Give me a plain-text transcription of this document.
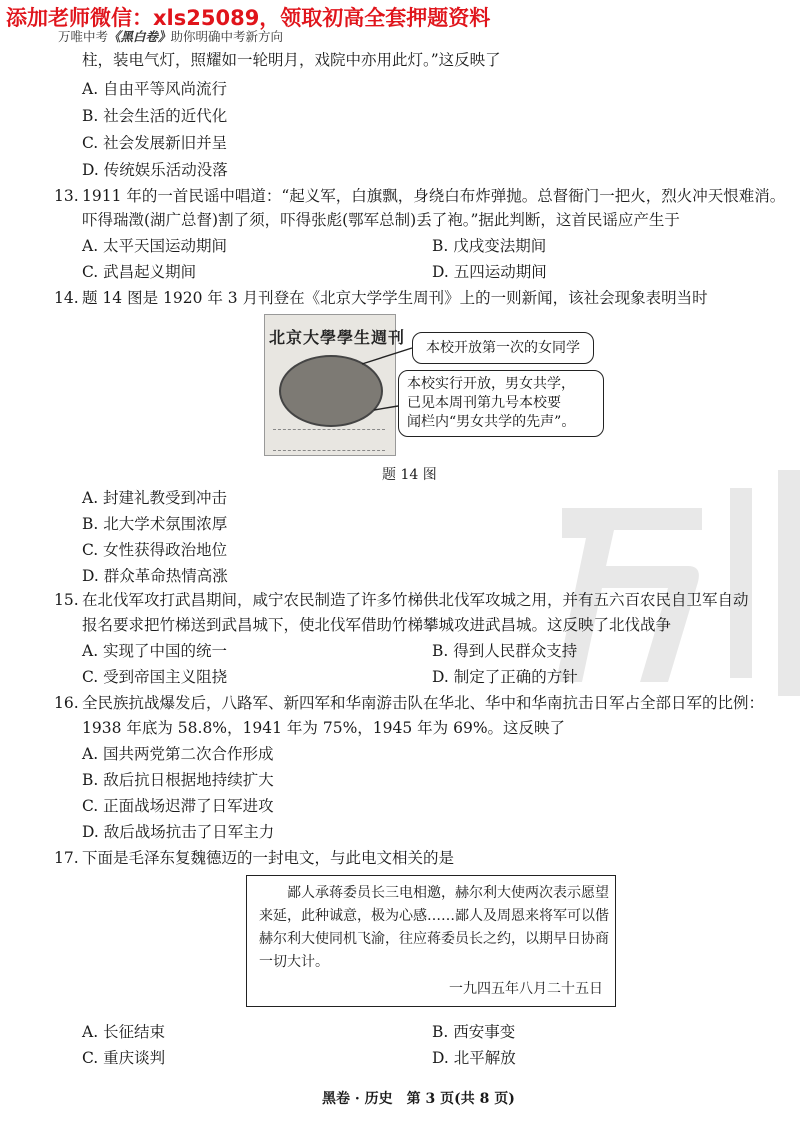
添加老师微信：xls25089，领取初高全套押题资料
万唯中考《黑白卷》助你明确中考新方向
柱，装电气灯，照耀如一轮明月，戏院中亦用此灯。”这反映了
A. 自由平等风尚流行
B. 社会生活的近代化
C. 社会发展新旧并呈
D. 传统娱乐活动没落
13. 1911 年的一首民谣中唱道：“起义军，白旗飘，身绕白布炸弹抛。总督衙门一把火，烈火冲天恨难消。
吓得瑞澂(湖广总督)割了须，吓得张彪(鄂军总制)丢了袍。”据此判断，这首民谣应产生于
A. 太平天国运动期间	B. 戊戌变法期间
C. 武昌起义期间	D. 五四运动期间
14. 题 14 图是 1920 年 3 月刊登在《北京大学学生周刊》上的一则新闻，该社会现象表明当时
北京大學學生週刊
本校开放第一次的女同学
本校实行开放，男女共学，
已见本周刊第九号本校要
闻栏内“男女共学的先声”。
题 14 图
A. 封建礼教受到冲击
B. 北大学术氛围浓厚
C. 女性获得政治地位
D. 群众革命热情高涨
15. 在北伐军攻打武昌期间，咸宁农民制造了许多竹梯供北伐军攻城之用，并有五六百农民自卫军自动
报名要求把竹梯送到武昌城下，使北伐军借助竹梯攀城攻进武昌城。这反映了北伐战争
A. 实现了中国的统一	B. 得到人民群众支持
C. 受到帝国主义阻挠	D. 制定了正确的方针
16. 全民族抗战爆发后，八路军、新四军和华南游击队在华北、华中和华南抗击日军占全部日军的比例：
1938 年底为 58.8%，1941 年为 75%，1945 年为 69%。这反映了
A. 国共两党第二次合作形成
B. 敌后抗日根据地持续扩大
C. 正面战场迟滞了日军进攻
D. 敌后战场抗击了日军主力
17. 下面是毛泽东复魏德迈的一封电文，与此电文相关的是
鄙人承蒋委员长三电相邀，赫尔利大使两次表示愿望来延，此种诚意，极为心感……鄙人及周恩来将军可以偕赫尔利大使同机飞渝，往应蒋委员长之约，以期早日协商一切大计。
一九四五年八月二十五日
A. 长征结束	B. 西安事变
C. 重庆谈判	D. 北平解放
黑卷 · 历史　第 3 页(共 8 页)
